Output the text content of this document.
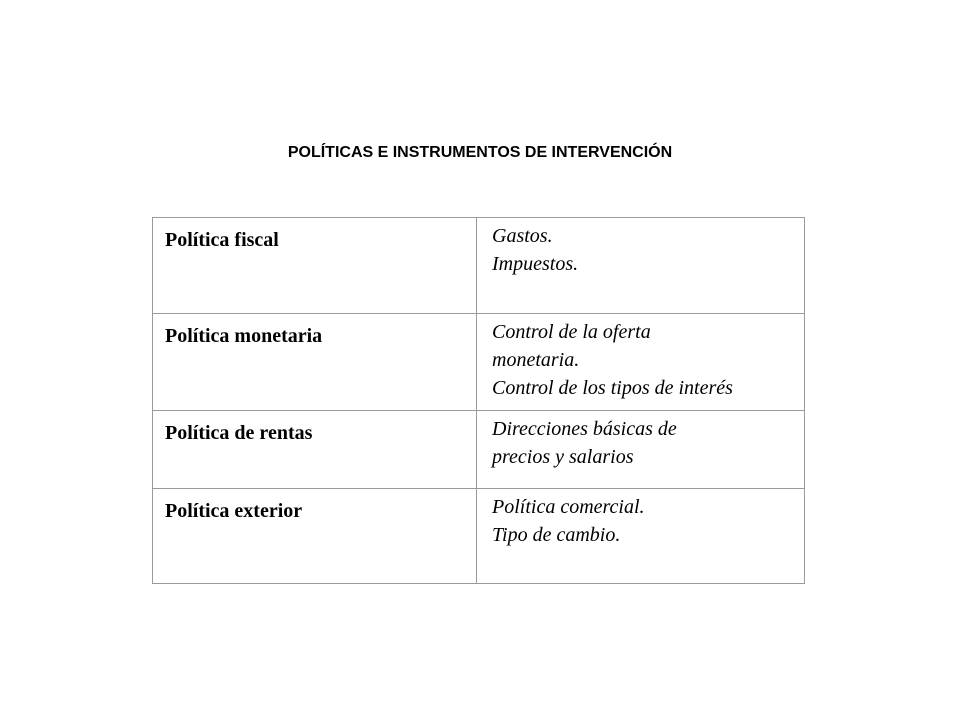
POLÍTICAS E INSTRUMENTOS DE INTERVENCIÓN
Política fiscal	Gastos.
Impuestos.

Política monetaria	Control de la oferta
monetaria.
Control de los tipos de interés

Política de rentas	Direcciones básicas de
precios y salarios

Política exterior	Política comercial.
Tipo de cambio.
